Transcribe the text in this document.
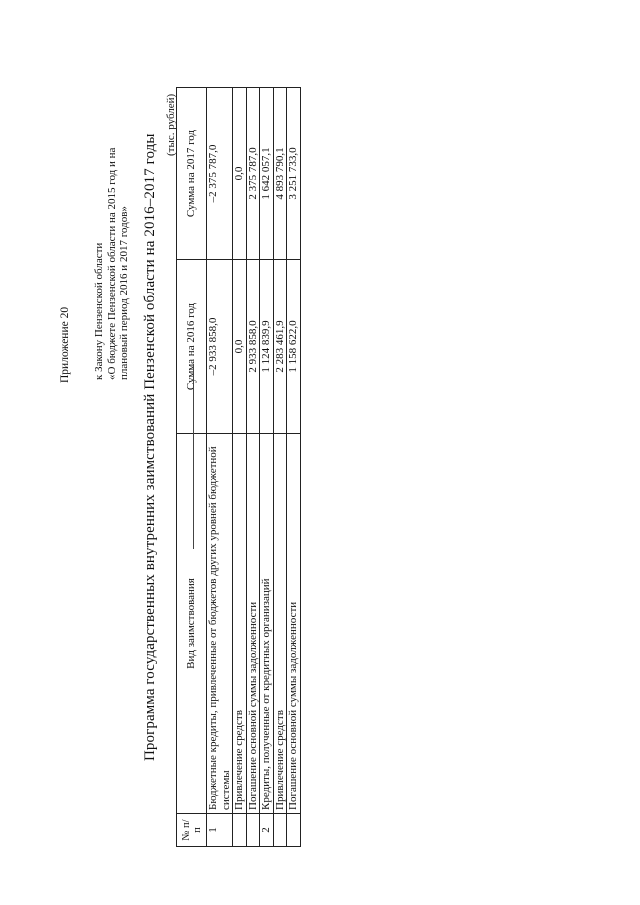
Приложение 20 к Закону Пензенской области «О бюджете Пензенской области на 2015 год и на плановый период 2016 и 2017 годов» Программа государственных внутренних заимствований Пензенской области на 2016–2017 годы
(тыс. рублей)
№ п/п	Вид заимствования	Сумма на 2016 год	Сумма на 2017 год
1	Бюджетные кредиты, привлеченные от бюджетов других уровней бюджетной системы	–2 933 858,0	–2 375 787,0
	Привлечение средств	0,0	0,0
	Погашение основной суммы задолженности	2 933 858,0	2 375 787,0
2	Кредиты, полученные от кредитных организаций	1 124 839,9	1 642 057,1
	Привлечение средств	2 283 461,9	4 893 790,1
	Погашение основной суммы задолженности	1 158 622,0	3 251 733,0
